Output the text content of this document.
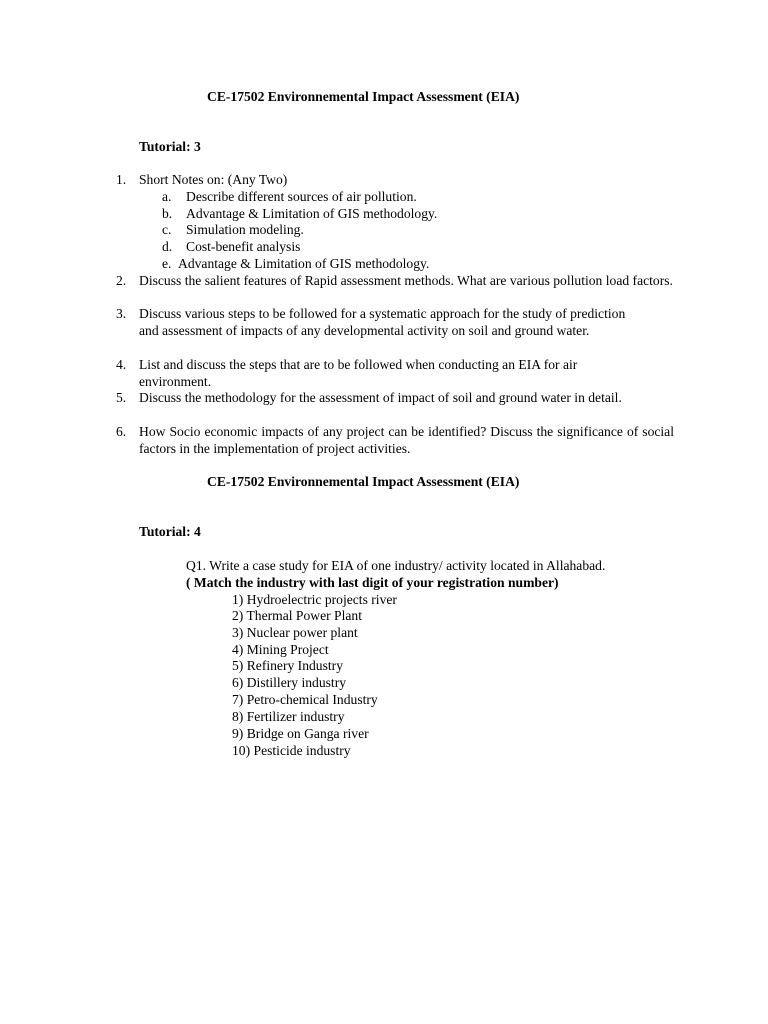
CE-17502 Environnemental Impact Assessment (EIA)
Tutorial: 3
1. Short Notes on: (Any Two)
a. Describe different sources of air pollution.
b. Advantage & Limitation of GIS methodology.
c. Simulation modeling.
d. Cost-benefit analysis
e. Advantage & Limitation of GIS methodology.
2. Discuss the salient features of Rapid assessment methods. What are various pollution load factors.
3. Discuss various steps to be followed for a systematic approach for the study of prediction and assessment of impacts of any developmental activity on soil and ground water.
4. List and discuss the steps that are to be followed when conducting an EIA for air environment.
5. Discuss the methodology for the assessment of impact of soil and ground water in detail.
6. How Socio economic impacts of any project can be identified? Discuss the significance of social factors in the implementation of project activities.
CE-17502 Environnemental Impact Assessment (EIA)
Tutorial: 4
Q1. Write a case study for EIA of one industry/ activity located in Allahabad.
( Match the industry with last digit of your registration number)
1) Hydroelectric projects river
2) Thermal Power Plant
3) Nuclear power plant
4) Mining Project
5) Refinery Industry
6) Distillery industry
7) Petro-chemical Industry
8) Fertilizer industry
9) Bridge on Ganga river
10) Pesticide industry
